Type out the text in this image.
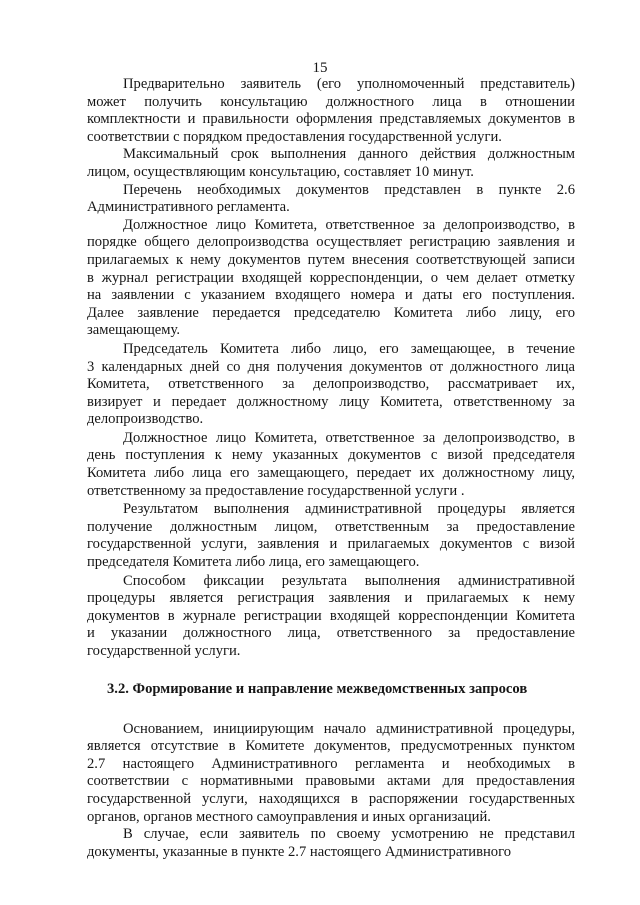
15
Предварительно заявитель (его уполномоченный представитель)
может получить консультацию должностного лица в отношении
комплектности и правильности оформления представляемых документов в
соответствии с порядком предоставления государственной услуги.
Максимальный срок выполнения данного действия должностным
лицом, осуществляющим консультацию, составляет 10 минут.
Перечень необходимых документов представлен в пункте 2.6
Административного регламента.
Должностное лицо Комитета, ответственное за делопроизводство, в
порядке общего делопроизводства осуществляет регистрацию заявления и
прилагаемых к нему документов путем внесения соответствующей записи
в журнал регистрации входящей корреспонденции, о чем делает отметку
на заявлении с указанием входящего номера и даты его поступления.
Далее заявление передается председателю Комитета либо лицу, его
замещающему.
Председатель Комитета либо лицо, его замещающее, в течение
3 календарных дней со дня получения документов от должностного лица
Комитета, ответственного за делопроизводство, рассматривает их,
визирует и передает должностному лицу Комитета, ответственному за
делопроизводство.
Должностное лицо Комитета, ответственное за делопроизводство, в
день поступления к нему указанных документов с визой председателя
Комитета либо лица его замещающего, передает их должностному лицу,
ответственному за предоставление государственной услуги .
Результатом выполнения административной процедуры является
получение должностным лицом, ответственным за предоставление
государственной услуги, заявления и прилагаемых документов с визой
председателя Комитета либо лица, его замещающего.
Способом фиксации результата выполнения административной
процедуры является регистрация заявления и прилагаемых к нему
документов в журнале регистрации входящей корреспонденции Комитета
и указании должностного лица, ответственного за предоставление
государственной услуги.
3.2. Формирование и направление межведомственных запросов
Основанием, инициирующим начало административной процедуры,
является отсутствие в Комитете документов, предусмотренных пунктом
2.7 настоящего Административного регламента и необходимых в
соответствии с нормативными правовыми актами для предоставления
государственной услуги, находящихся в распоряжении государственных
органов, органов местного самоуправления и иных организаций.
В случае, если заявитель по своему усмотрению не представил
документы, указанные в пункте 2.7 настоящего Административного
